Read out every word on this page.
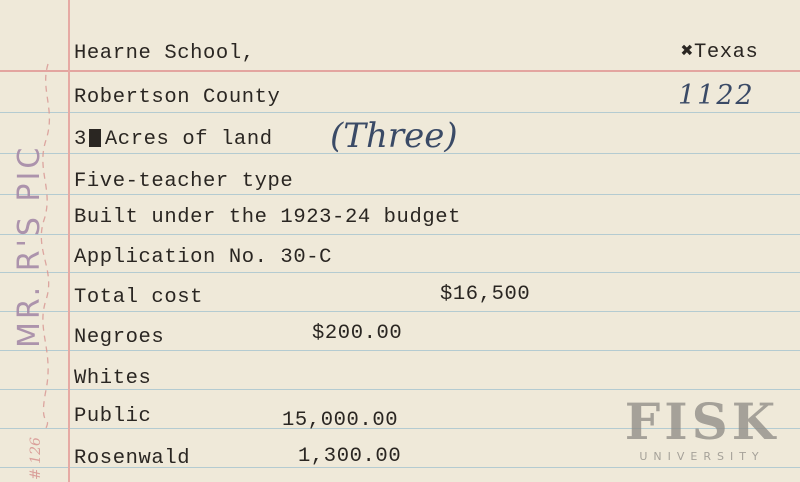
Hearne School,	✖Texas
Robertson County	1122
3 Acres of land (Three)
Five-teacher type
Built under the 1923-24 budget
Application No. 30-C
Total cost	$16,500
Negroes	$200.00
Whites
Public	15,000.00
Rosenwald	1,300.00
MR. R'S PIC
# 126
FISK
UNIVERSITY
